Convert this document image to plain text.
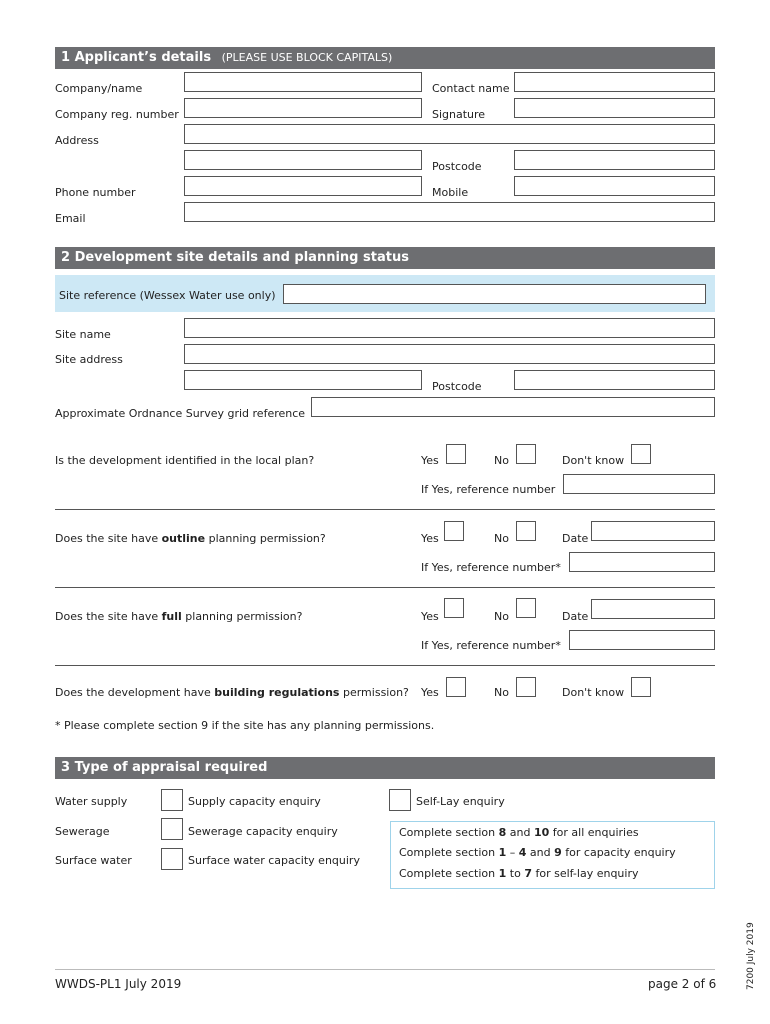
1 Applicant’s details (PLEASE USE BLOCK CAPITALS)
Company/name	Contact name
Company reg. number	Signature
Address
Postcode
Phone number	Mobile
Email
2 Development site details and planning status
Site reference (Wessex Water use only)
Site name
Site address
Postcode
Approximate Ordnance Survey grid reference
Is the development identified in the local plan?	Yes	No	Don't know
If Yes, reference number
Does the site have outline planning permission?	Yes	No	Date
If Yes, reference number*
Does the site have full planning permission?	Yes	No	Date
If Yes, reference number*
Does the development have building regulations permission? Yes	No	Don't know
* Please complete section 9 if the site has any planning permissions.
3 Type of appraisal required
Water supply	Supply capacity enquiry	Self-Lay enquiry
Sewerage	Sewerage capacity enquiry
Surface water	Surface water capacity enquiry
Complete section 8 and 10 for all enquiries
Complete section 1 – 4 and 9 for capacity enquiry
Complete section 1 to 7 for self-lay enquiry
WWDS-PL1 July 2019	page 2 of 6	7200 July 2019
